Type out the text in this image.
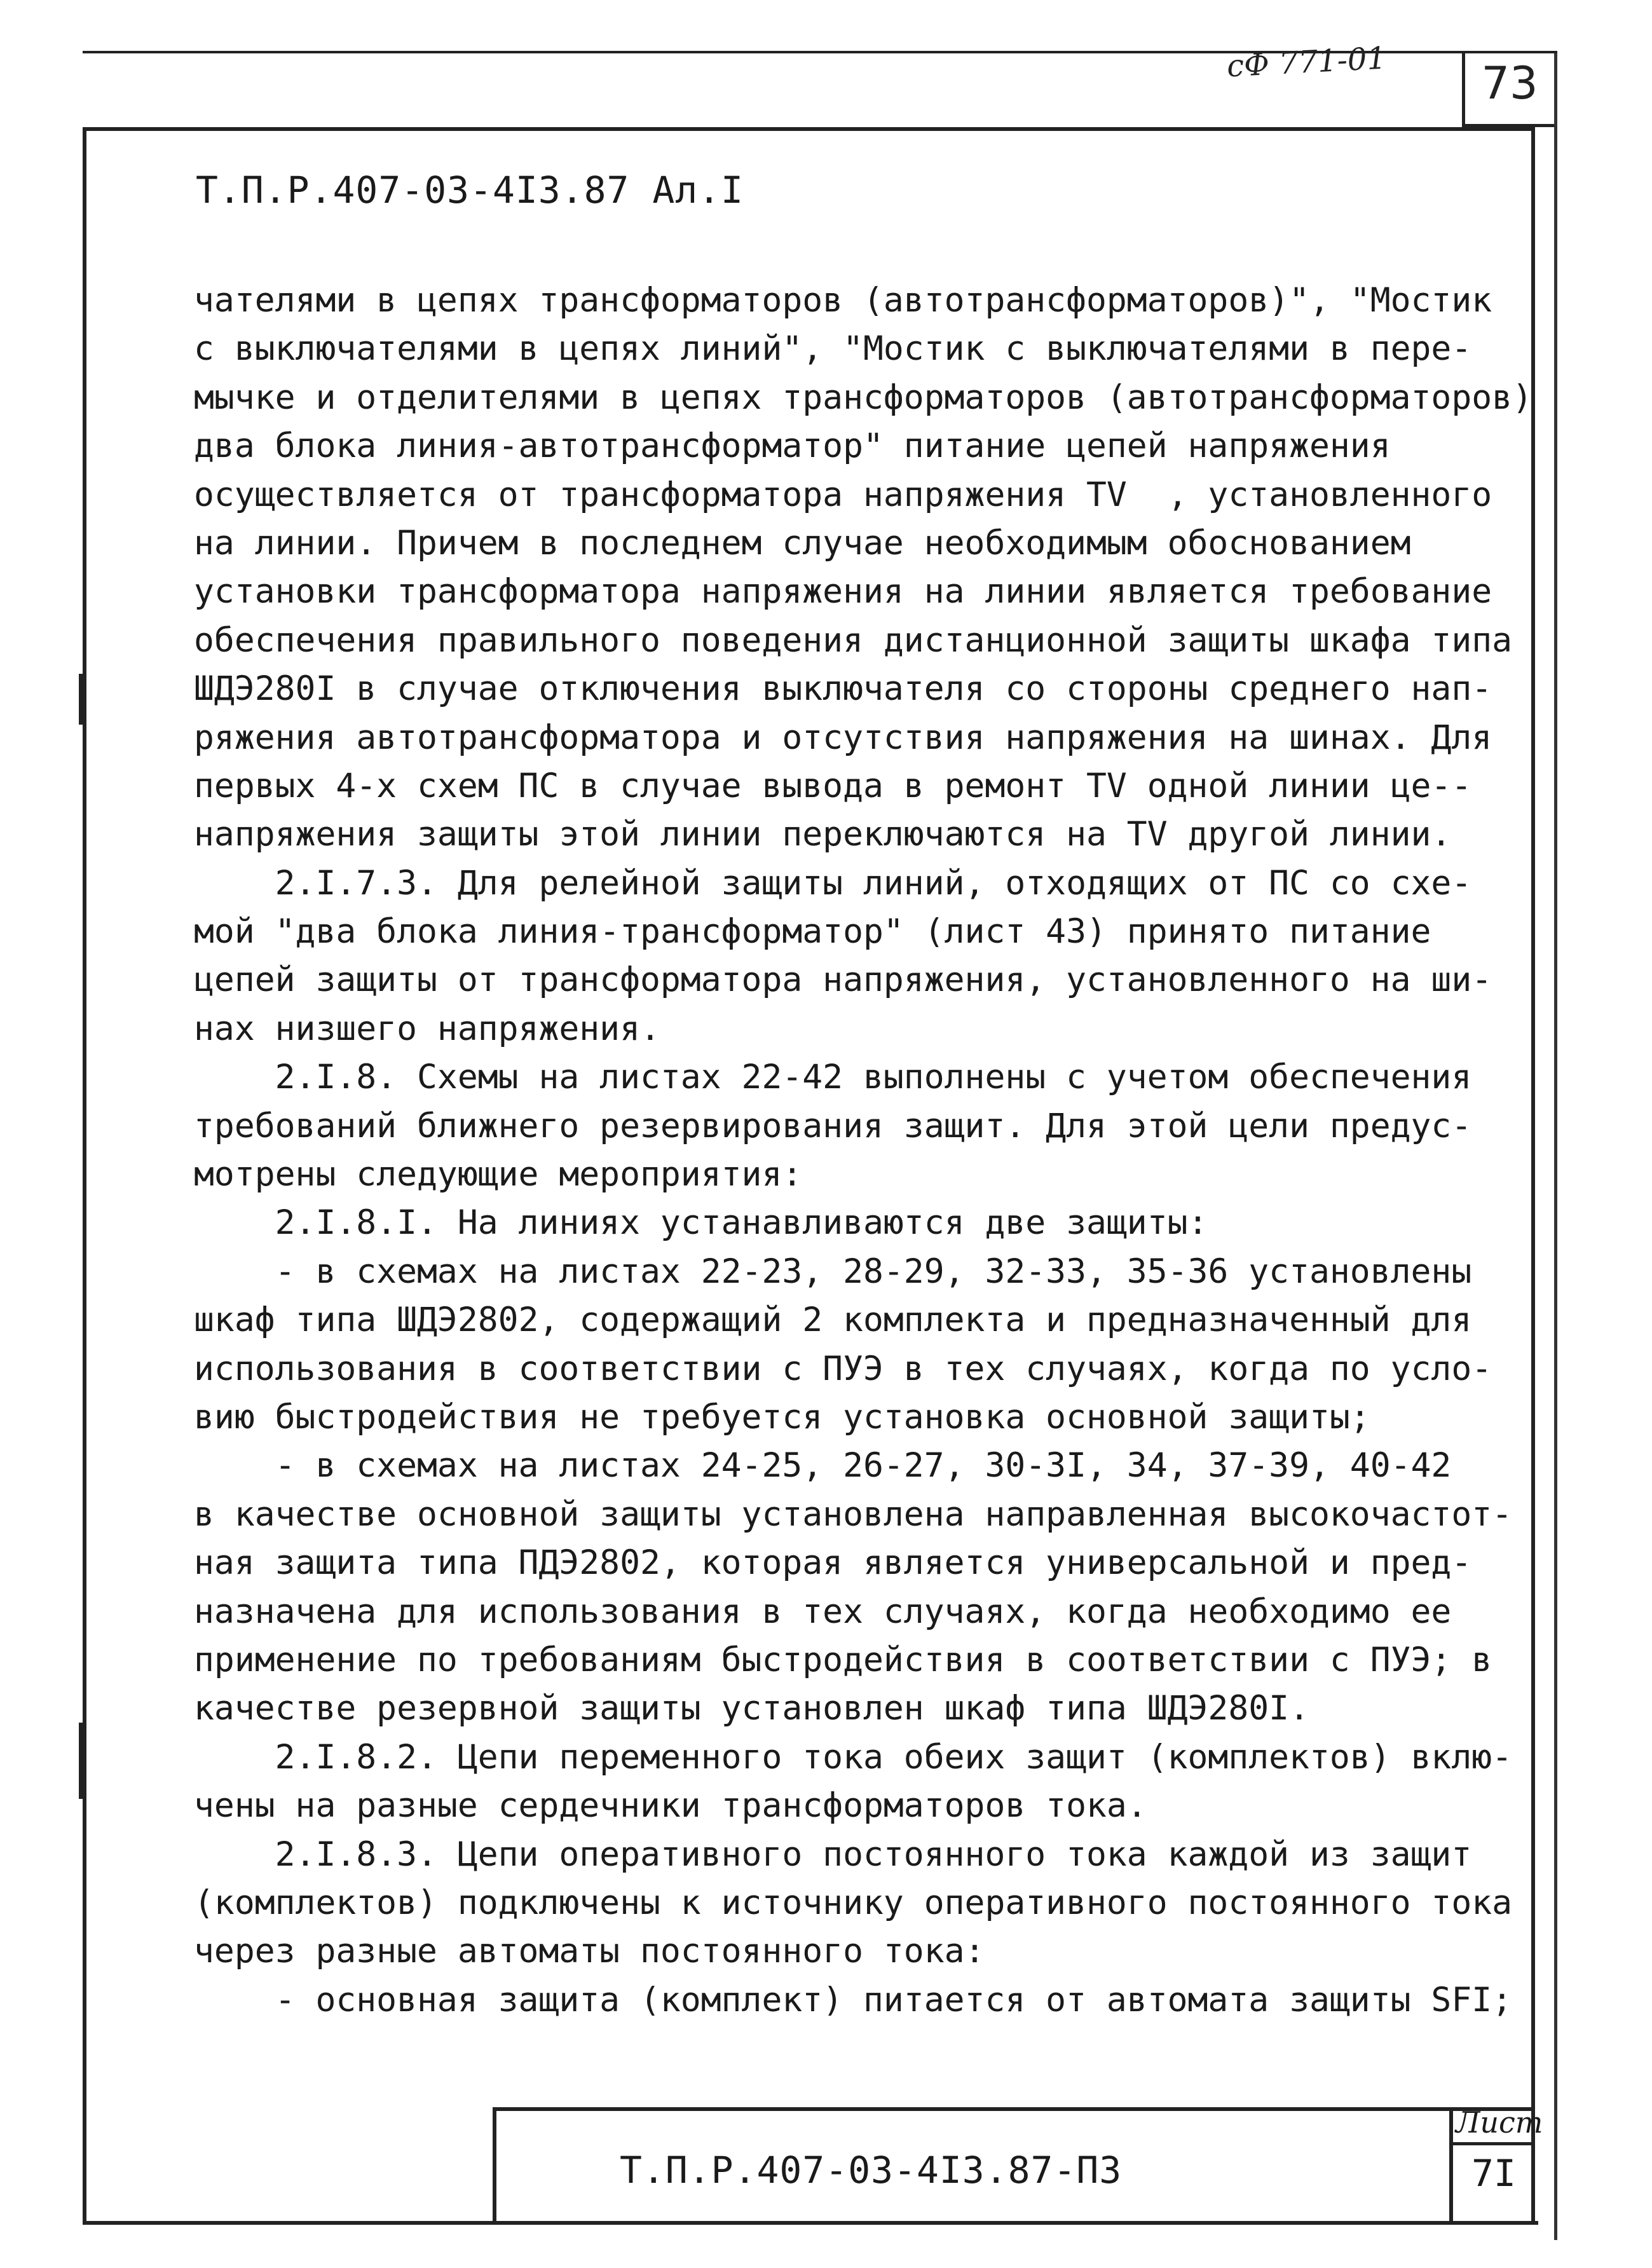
сФ 771-01	73
Т.П.Р.407-03-4I3.87 Ал.I
чателями в цепях трансформаторов (автотрансформаторов)", "Мостик
с выключателями в цепях линий", "Мостик с выключателями в пере-
мычке и отделителями в цепях трансформаторов (автотрансформаторов)
два блока линия-автотрансформатор" питание цепей напряжения
осуществляется от трансформатора напряжения TV  , установленного
на линии. Причем в последнем случае необходимым обоснованием
установки трансформатора напряжения на линии является требование
обеспечения правильного поведения дистанционной защиты шкафа типа
ШДЭ280I в случае отключения выключателя со стороны среднего нап-
ряжения автотрансформатора и отсутствия напряжения на шинах. Для
первых 4-х схем ПС в случае вывода в ремонт TV одной линии це--
напряжения защиты этой линии переключаются на TV другой линии.
2.I.7.3. Для релейной защиты линий, отходящих от ПС со схе-
мой "два блока линия-трансформатор" (лист 43) принято питание
цепей защиты от трансформатора напряжения, установленного на ши-
нах низшего напряжения.
2.I.8. Схемы на листах 22-42 выполнены с учетом обеспечения
требований ближнего резервирования защит. Для этой цели предус-
мотрены следующие мероприятия:
2.I.8.I. На линиях устанавливаются две защиты:
- в схемах на листах 22-23, 28-29, 32-33, 35-36 установлены
шкаф типа ШДЭ2802, содержащий 2 комплекта и предназначенный для
использования в соответствии с ПУЭ в тех случаях, когда по усло-
вию быстродействия не требуется установка основной защиты;
- в схемах на листах 24-25, 26-27, 30-3I, 34, 37-39, 40-42
в качестве основной защиты установлена направленная высокочастот-
ная защита типа ПДЭ2802, которая является универсальной и пред-
назначена для использования в тех случаях, когда необходимо ее
применение по требованиям быстродействия в соответствии с ПУЭ; в
качестве резервной защиты установлен шкаф типа ШДЭ280I.
2.I.8.2. Цепи переменного тока обеих защит (комплектов) вклю-
чены на разные сердечники трансформаторов тока.
2.I.8.3. Цепи оперативного постоянного тока каждой из защит
(комплектов) подключены к источнику оперативного постоянного тока
через разные автоматы постоянного тока:
- основная защита (комплект) питается от автомата защиты SFI;
Т.П.Р.407-03-4I3.87-ПЗ
Лист
7I
